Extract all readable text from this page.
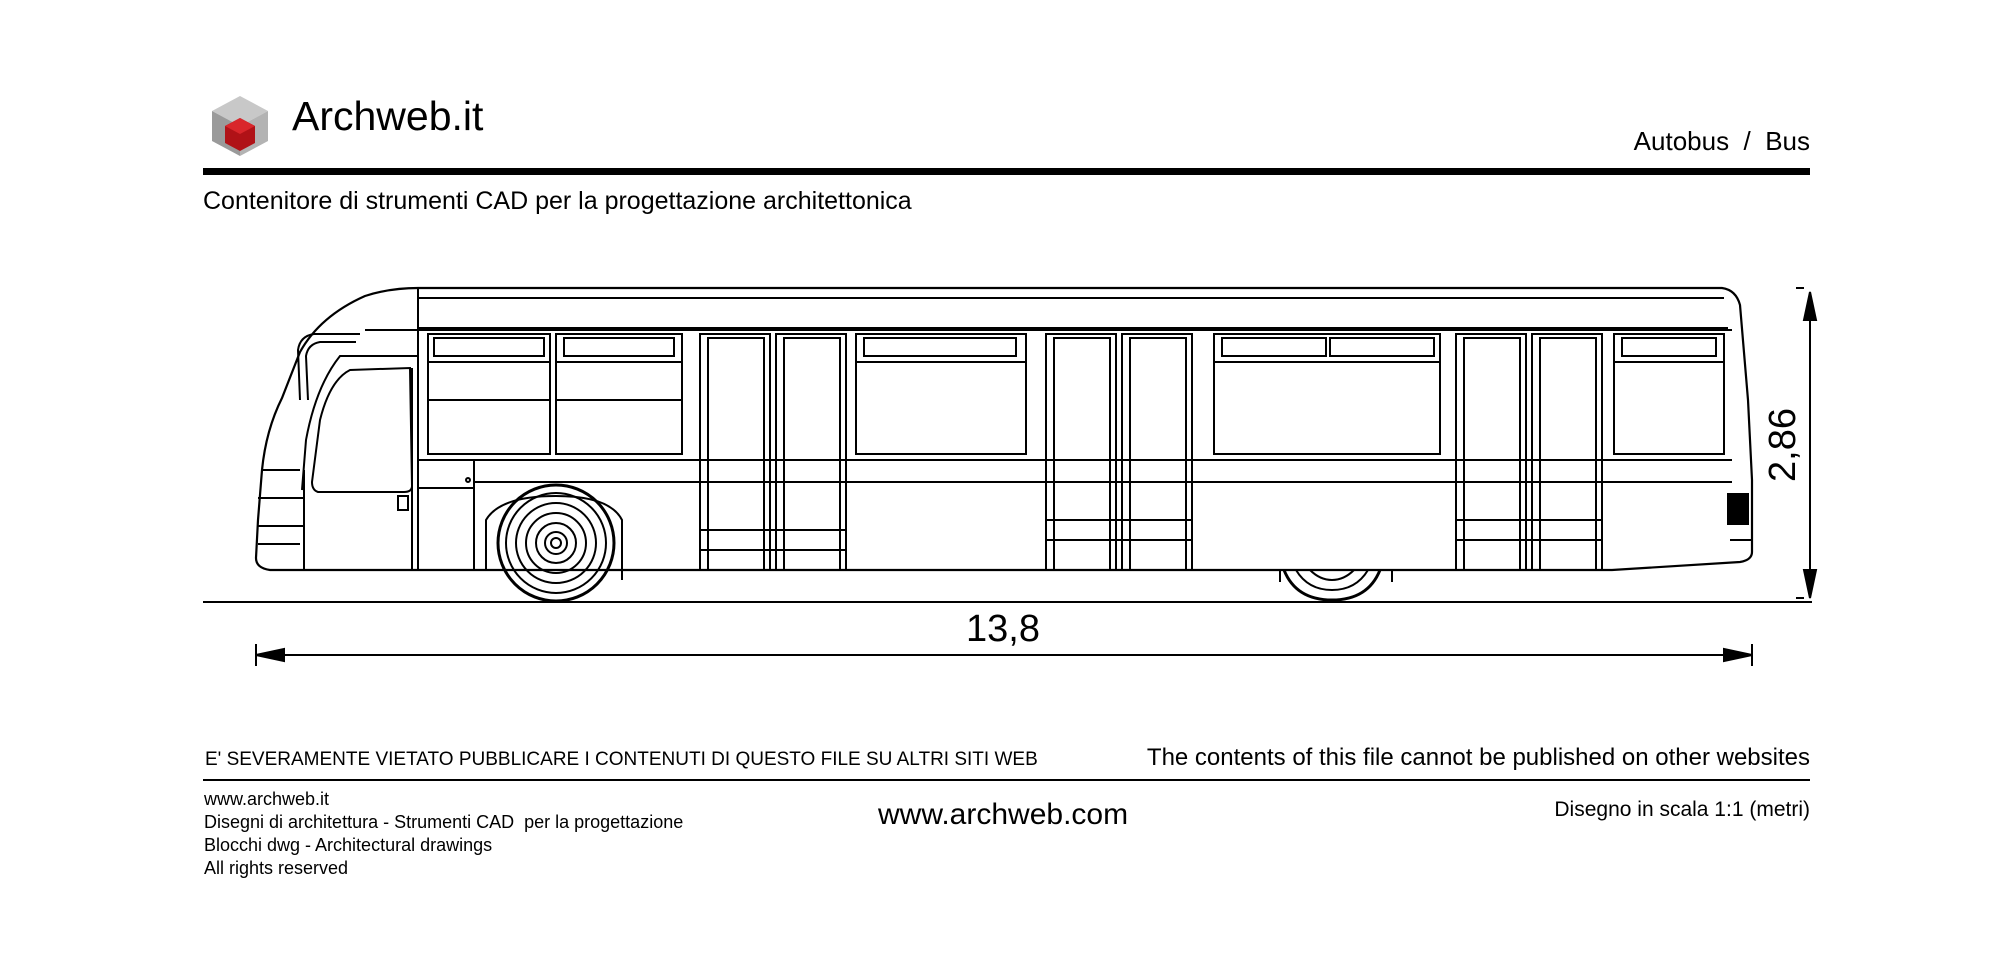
Archweb.it
Autobus  /  Bus
Contenitore di strumenti CAD per la progettazione architettonica
13,8
2,86
E' SEVERAMENTE VIETATO PUBBLICARE I CONTENUTI DI QUESTO FILE SU ALTRI SITI WEB	The contents of this file cannot be published on other websites
www.archweb.it
Disegni di architettura - Strumenti CAD  per la progettazione
Blocchi dwg - Architectural drawings
All rights reserved
www.archweb.com	Disegno in scala 1:1 (metri)
